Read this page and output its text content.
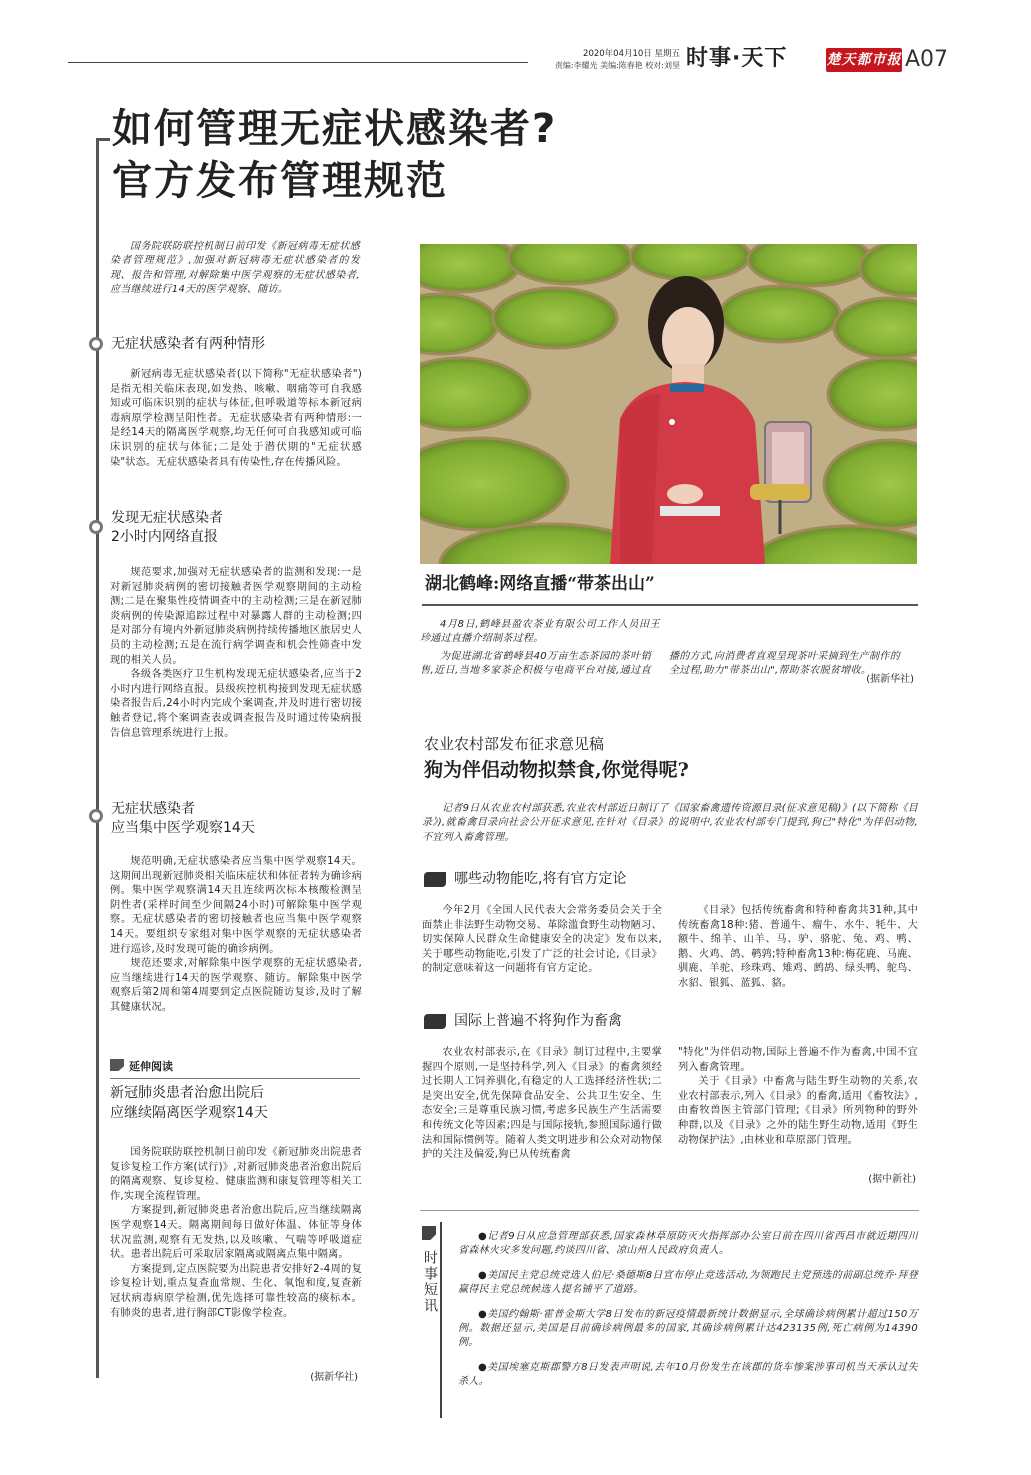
2020年04月10日 星期五
责编:李耀光 美编:陈春艳 校对:刘坚 时事·天下	楚天都市报 A07
如何管理无症状感染者?
官方发布管理规范

国务院联防联控机制日前印发《新冠病毒无症状感染者管理规范》,加强对新冠病毒无症状感染者的发现、报告和管理,对解除集中医学观察的无症状感染者,应当继续进行14天的医学观察、随访。

无症状感染者有两种情形

新冠病毒无症状感染者(以下简称"无症状感染者")是指无相关临床表现,如发热、咳嗽、咽痛等可自我感知或可临床识别的症状与体征,但呼吸道等标本新冠病毒病原学检测呈阳性者。无症状感染者有两种情形:一是经14天的隔离医学观察,均无任何可自我感知或可临床识别的症状与体征;二是处于潜伏期的"无症状感染"状态。无症状感染者具有传染性,存在传播风险。

发现无症状感染者
2小时内网络直报

规范要求,加强对无症状感染者的监测和发现:一是对新冠肺炎病例的密切接触者医学观察期间的主动检测;二是在聚集性疫情调查中的主动检测;三是在新冠肺炎病例的传染源追踪过程中对暴露人群的主动检测;四是对部分有境内外新冠肺炎病例持续传播地区旅居史人员的主动检测;五是在流行病学调查和机会性筛查中发现的相关人员。

各级各类医疗卫生机构发现无症状感染者,应当于2小时内进行网络直报。县级疾控机构接到发现无症状感染者报告后,24小时内完成个案调查,并及时进行密切接触者登记,将个案调查表或调查报告及时通过传染病报告信息管理系统进行上报。

无症状感染者
应当集中医学观察14天

规范明确,无症状感染者应当集中医学观察14天。这期间出现新冠肺炎相关临床症状和体征者转为确诊病例。集中医学观察满14天且连续两次标本核酸检测呈阴性者(采样时间至少间隔24小时)可解除集中医学观察。无症状感染者的密切接触者也应当集中医学观察14天。要组织专家组对集中医学观察的无症状感染者进行巡诊,及时发现可能的确诊病例。

规范还要求,对解除集中医学观察的无症状感染者,应当继续进行14天的医学观察、随访。解除集中医学观察后第2周和第4周要到定点医院随访复诊,及时了解其健康状况。

延伸阅读
新冠肺炎患者治愈出院后
应继续隔离医学观察14天

国务院联防联控机制日前印发《新冠肺炎出院患者复诊复检工作方案(试行)》,对新冠肺炎患者治愈出院后的隔离观察、复诊复检、健康监测和康复管理等相关工作,实现全流程管理。

方案提到,新冠肺炎患者治愈出院后,应当继续隔离医学观察14天。隔离期间每日做好体温、体征等身体状况监测,观察有无发热,以及咳嗽、气喘等呼吸道症状。患者出院后可采取居家隔离或隔离点集中隔离。

方案提到,定点医院要为出院患者安排好2-4周的复诊复检计划,重点复查血常规、生化、氧饱和度,复查新冠状病毒病原学检测,优先选择可靠性较高的痰标本。有肺炎的患者,进行胸部CT影像学检查。

(据新华社)
湖北鹤峰:网络直播“带茶出山”

4月8日,鹤峰县盈农茶业有限公司工作人员田王珍通过直播介绍制茶过程。

为促进湖北省鹤峰县40万亩生态茶园的茶叶销售,近日,当地多家茶企积极与电商平台对接,通过直播的方式,向消费者直观呈现茶叶采摘到生产制作的全过程,助力"带茶出山",帮助茶农脱贫增收。

(据新华社)
农业农村部发布征求意见稿
狗为伴侣动物拟禁食,你觉得呢?

记者9日从农业农村部获悉,农业农村部近日制订了《国家畜禽遗传资源目录(征求意见稿)》(以下简称《目录》),就畜禽目录向社会公开征求意见,在针对《目录》的说明中,农业农村部专门提到,狗已"特化"为伴侣动物,不宜列入畜禽管理。

哪些动物能吃,将有官方定论

今年2月《全国人民代表大会常务委员会关于全面禁止非法野生动物交易、革除滥食野生动物陋习、切实保障人民群众生命健康安全的决定》发布以来,关于哪些动物能吃,引发了广泛的社会讨论,《目录》的制定意味着这一问题将有官方定论。

《目录》包括传统畜禽和特种畜禽共31种,其中传统畜禽18种:猪、普通牛、瘤牛、水牛、牦牛、大额牛、绵羊、山羊、马、驴、骆驼、兔、鸡、鸭、鹅、火鸡、鸽、鹌鹑;特种畜禽13种:梅花鹿、马鹿、驯鹿、羊驼、珍珠鸡、雉鸡、鹧鸪、绿头鸭、鸵鸟、水貂、银狐、蓝狐、貉。

国际上普遍不将狗作为畜禽

农业农村部表示,在《目录》制订过程中,主要掌握四个原则,一是坚持科学,列入《目录》的畜禽须经过长期人工饲养驯化,有稳定的人工选择经济性状;二是突出安全,优先保障食品安全、公共卫生安全、生态安全;三是尊重民族习惯,考虑多民族生产生活需要和传统文化等因素;四是与国际接轨,参照国际通行做法和国际惯例等。随着人类文明进步和公众对动物保护的关注及偏爱,狗已从传统畜禽

"特化"为伴侣动物,国际上普遍不作为畜禽,中国不宜列入畜禽管理。

关于《目录》中畜禽与陆生野生动物的关系,农业农村部表示,列入《目录》的畜禽,适用《畜牧法》,由畜牧兽医主管部门管理;《目录》所列物种的野外种群,以及《目录》之外的陆生野生动物,适用《野生动物保护法》,由林业和草原部门管理。

(据中新社)
时事短讯

●记者9日从应急管理部获悉,国家森林草原防灭火指挥部办公室日前在四川省西昌市就近期四川省森林火灾多发问题,约谈四川省、凉山州人民政府负责人。

●美国民主党总统竞选人伯尼·桑德斯8日宣布停止竞选活动,为领跑民主党预选的前副总统乔·拜登赢得民主党总统候选人提名铺平了道路。

●美国约翰斯·霍普金斯大学8日发布的新冠疫情最新统计数据显示,全球确诊病例累计超过150万例。数据还显示,美国是目前确诊病例最多的国家,其确诊病例累计达423135例,死亡病例为14390例。

●美国埃塞克斯郡警方8日发表声明说,去年10月份发生在该郡的货车惨案涉事司机当天承认过失杀人。
